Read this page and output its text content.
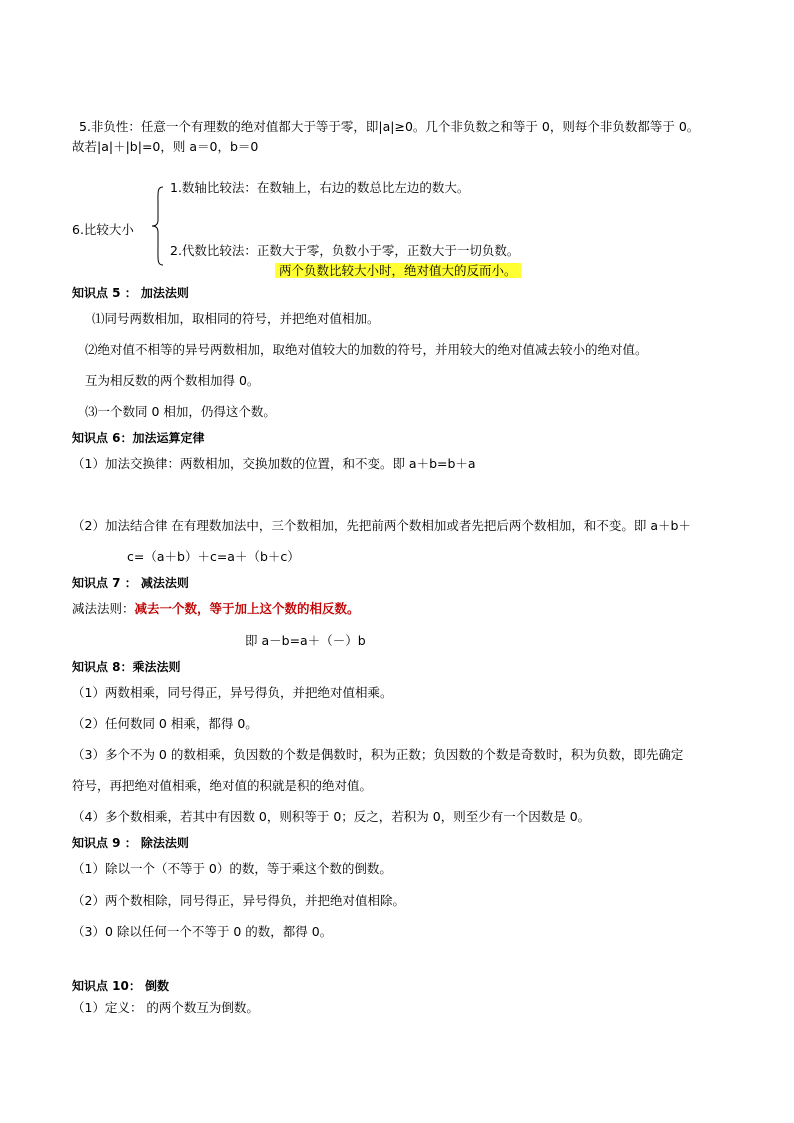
5.非负性：任意一个有理数的绝对值都大于等于零，即|a|≥0。几个非负数之和等于 0，则每个非负数都等于 0。
故若|a|＋|b|=0，则 a＝0，b＝0
1.数轴比较法：在数轴上，右边的数总比左边的数大。
6.比较大小
2.代数比较法：正数大于零，负数小于零，正数大于一切负数。
两个负数比较大小时，绝对值大的反而小。
知识点 5 ： 加法法则
⑴同号两数相加，取相同的符号，并把绝对值相加。
⑵绝对值不相等的异号两数相加，取绝对值较大的加数的符号，并用较大的绝对值减去较小的绝对值。
互为相反数的两个数相加得 0。
⑶一个数同 0 相加，仍得这个数。
知识点 6：加法运算定律
（1）加法交换律：两数相加，交换加数的位置，和不变。即 a＋b=b＋a
（2）加法结合律 在有理数加法中，三个数相加，先把前两个数相加或者先把后两个数相加，和不变。即 a＋b＋
c=（a＋b）＋c=a＋（b＋c）
知识点 7 ： 减法法则
减法法则：减去一个数，等于加上这个数的相反数。
即 a－b=a＋（－）b
知识点 8：乘法法则
（1）两数相乘，同号得正，异号得负，并把绝对值相乘。
（2）任何数同 0 相乘，都得 0。
（3）多个不为 0 的数相乘，负因数的个数是偶数时，积为正数；负因数的个数是奇数时，积为负数，即先确定
符号，再把绝对值相乘，绝对值的积就是积的绝对值。
（4）多个数相乘，若其中有因数 0，则积等于 0；反之，若积为 0，则至少有一个因数是 0。
知识点 9 ： 除法法则
（1）除以一个（不等于 0）的数，等于乘这个数的倒数。
（2）两个数相除，同号得正，异号得负，并把绝对值相除。
（3）0 除以任何一个不等于 0 的数，都得 0。
知识点 10： 倒数
（1）定义： 的两个数互为倒数。
